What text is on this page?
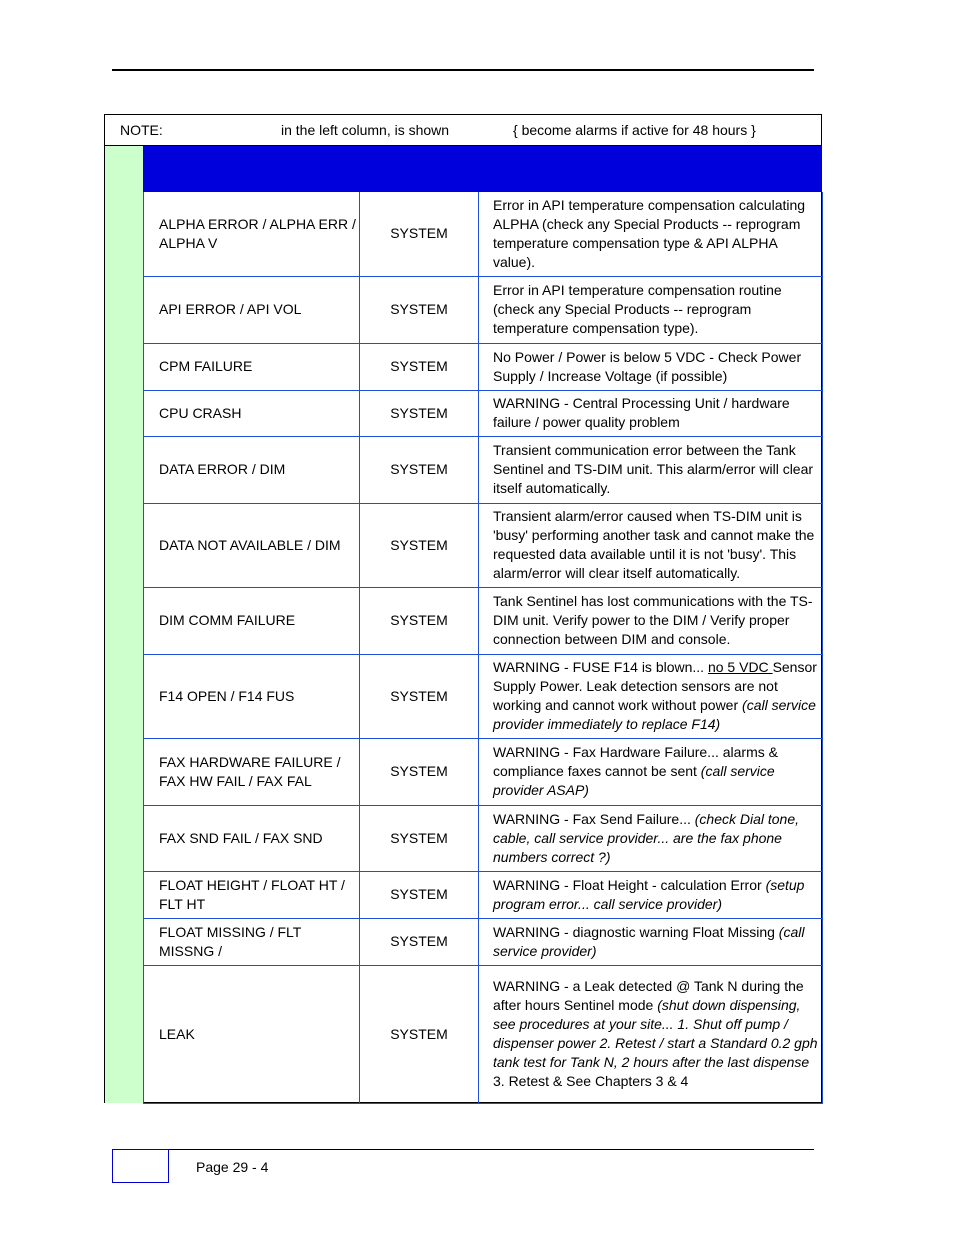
NOTE:	in the left column, is shown	{ become alarms if active for 48 hours }
ALPHA ERROR / ALPHA ERR / ALPHA V	SYSTEM	Error in API temperature compensation calculating ALPHA (check any Special Products -- reprogram temperature compensation type & API ALPHA value).
API ERROR / API VOL	SYSTEM	Error in API temperature compensation routine (check any Special Products -- reprogram temperature compensation type).
CPM FAILURE	SYSTEM	No Power / Power is below 5 VDC - Check Power Supply / Increase Voltage (if possible)
CPU CRASH	SYSTEM	WARNING - Central Processing Unit / hardware failure / power quality problem
DATA ERROR / DIM	SYSTEM	Transient communication error between the Tank Sentinel and TS-DIM unit. This alarm/error will clear itself automatically.
DATA NOT AVAILABLE / DIM	SYSTEM	Transient alarm/error caused when TS-DIM unit is 'busy' performing another task and cannot make the requested data available until it is not 'busy'. This alarm/error will clear itself automatically.
DIM COMM FAILURE	SYSTEM	Tank Sentinel has lost communications with the TS-DIM unit. Verify power to the DIM / Verify proper connection between DIM and console.
F14 OPEN / F14 FUS	SYSTEM	WARNING - FUSE F14 is blown... no 5 VDC Sensor Supply Power. Leak detection sensors are not working and cannot work without power (call service provider immediately to replace F14)
FAX HARDWARE FAILURE / FAX HW FAIL / FAX FAL	SYSTEM	WARNING - Fax Hardware Failure... alarms & compliance faxes cannot be sent (call service provider ASAP)
FAX SND FAIL / FAX SND	SYSTEM	WARNING - Fax Send Failure... (check Dial tone, cable, call service provider... are the fax phone numbers correct ?)
FLOAT HEIGHT / FLOAT HT / FLT HT	SYSTEM	WARNING - Float Height - calculation Error (setup program error... call service provider)
FLOAT MISSING / FLT MISSNG /	SYSTEM	WARNING - diagnostic warning Float Missing (call service provider)
LEAK	SYSTEM	WARNING - a Leak detected @ Tank N during the after hours Sentinel mode (shut down dispensing, see procedures at your site... 1. Shut off pump / dispenser power 2. Retest / start a Standard 0.2 gph tank test for Tank N, 2 hours after the last dispense 3. Retest & See Chapters 3 & 4
Page 29 - 4
